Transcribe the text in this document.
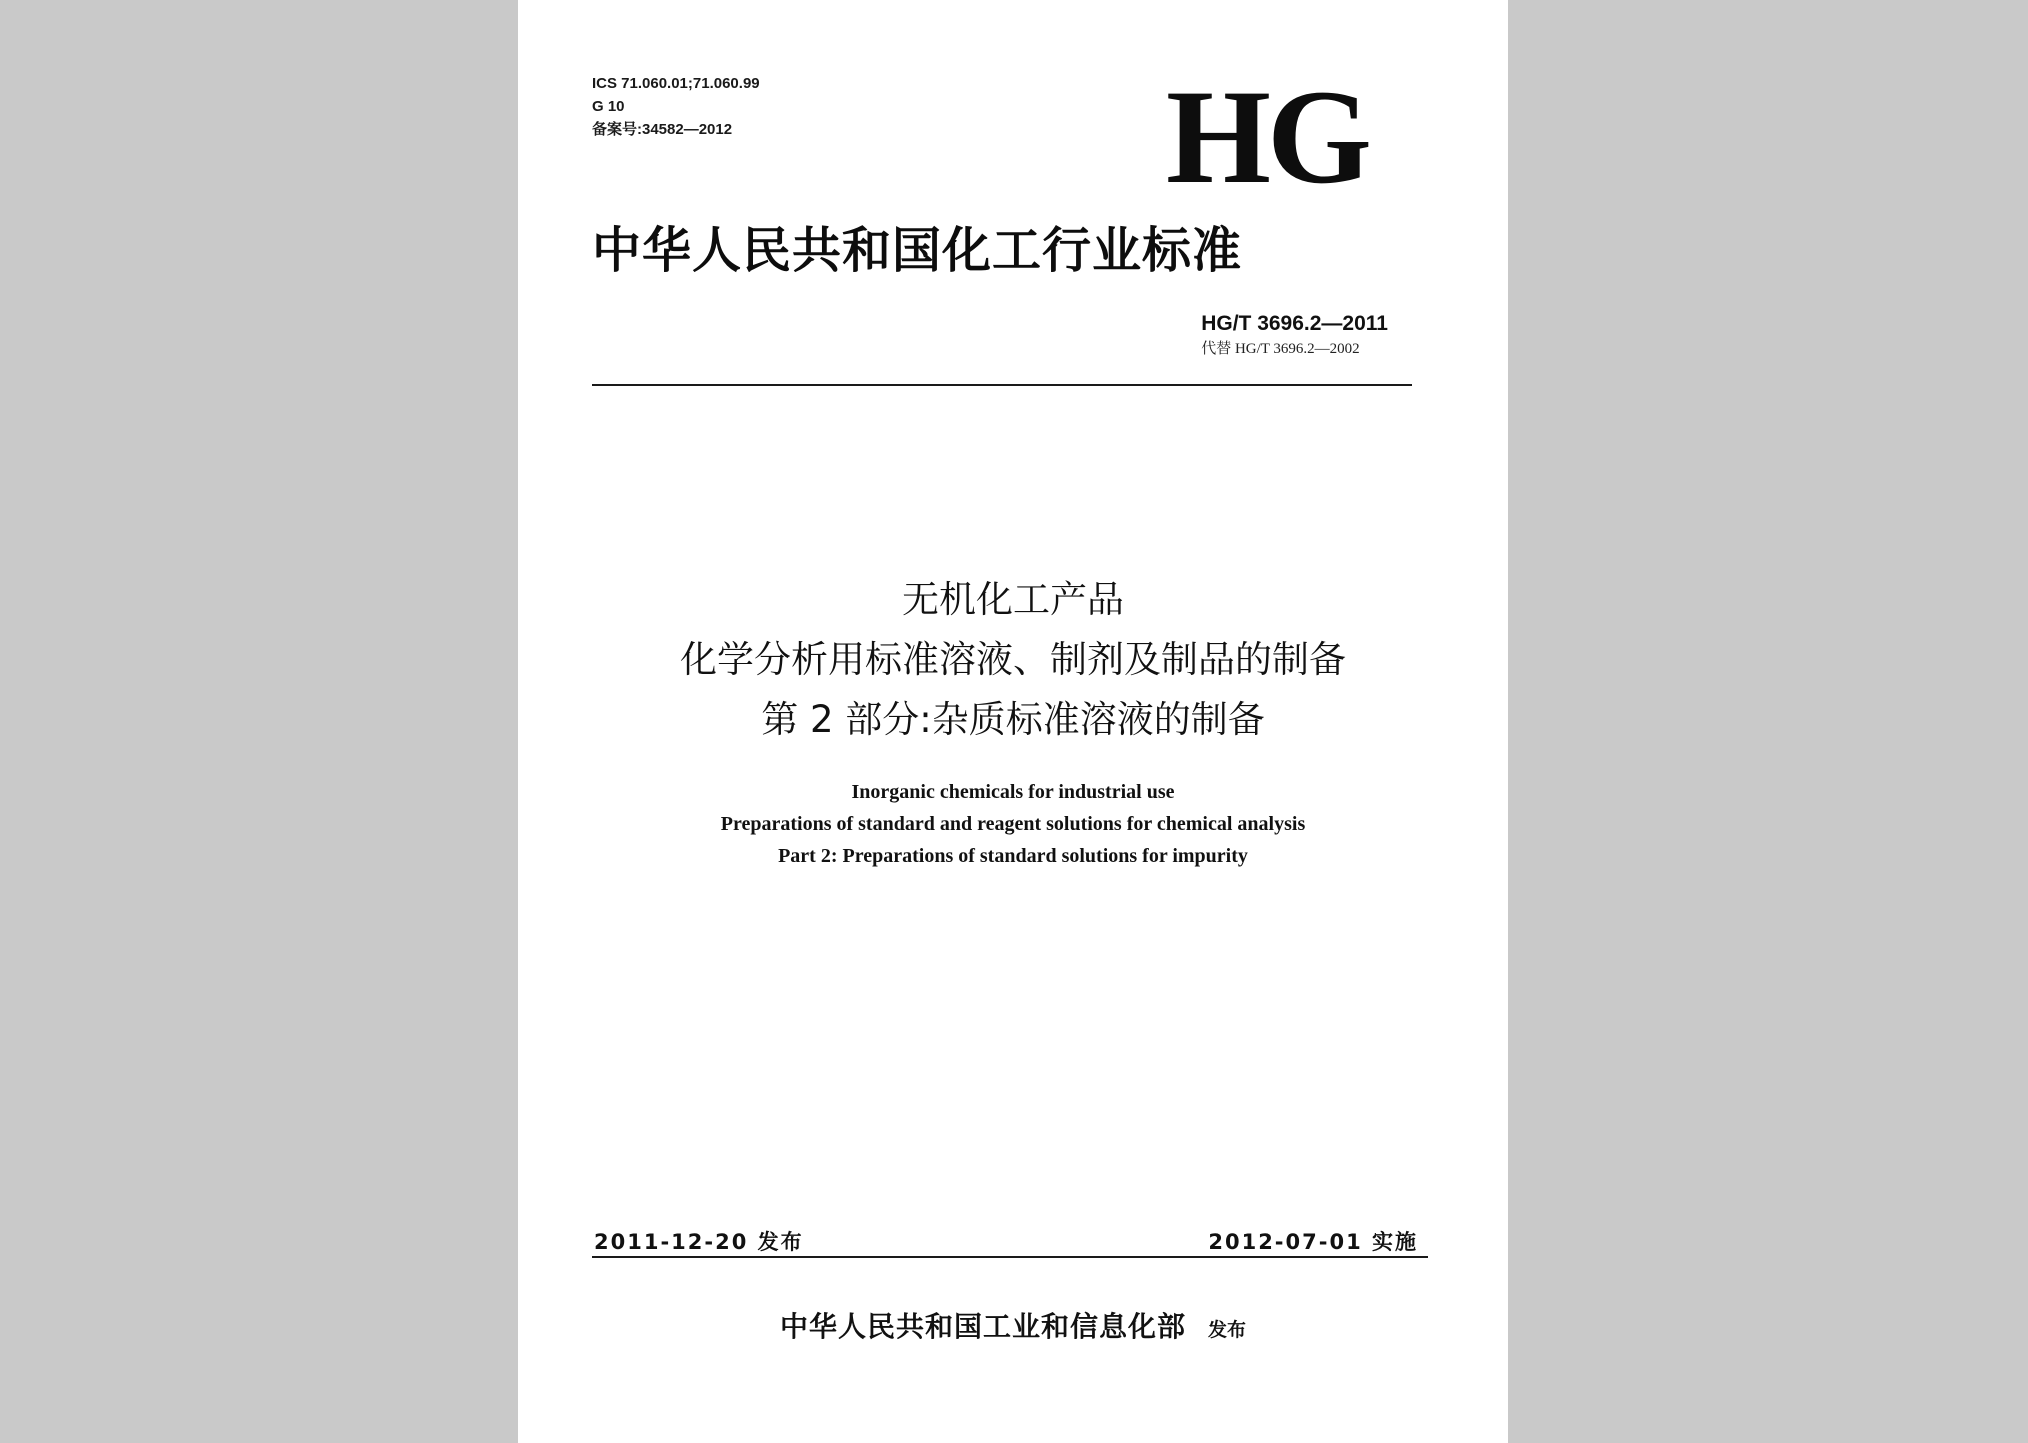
ICS 71.060.01;71.060.99
G 10
备案号:34582—2012	HG
中华人民共和国化工行业标准
HG/T 3696.2—2011
代替 HG/T 3696.2—2002
无机化工产品
化学分析用标准溶液、制剂及制品的制备
第 2 部分:杂质标准溶液的制备
Inorganic chemicals for industrial use
Preparations of standard and reagent solutions for chemical analysis
Part 2: Preparations of standard solutions for impurity
2011-12-20 发布	2012-07-01 实施
中华人民共和国工业和信息化部 发布
